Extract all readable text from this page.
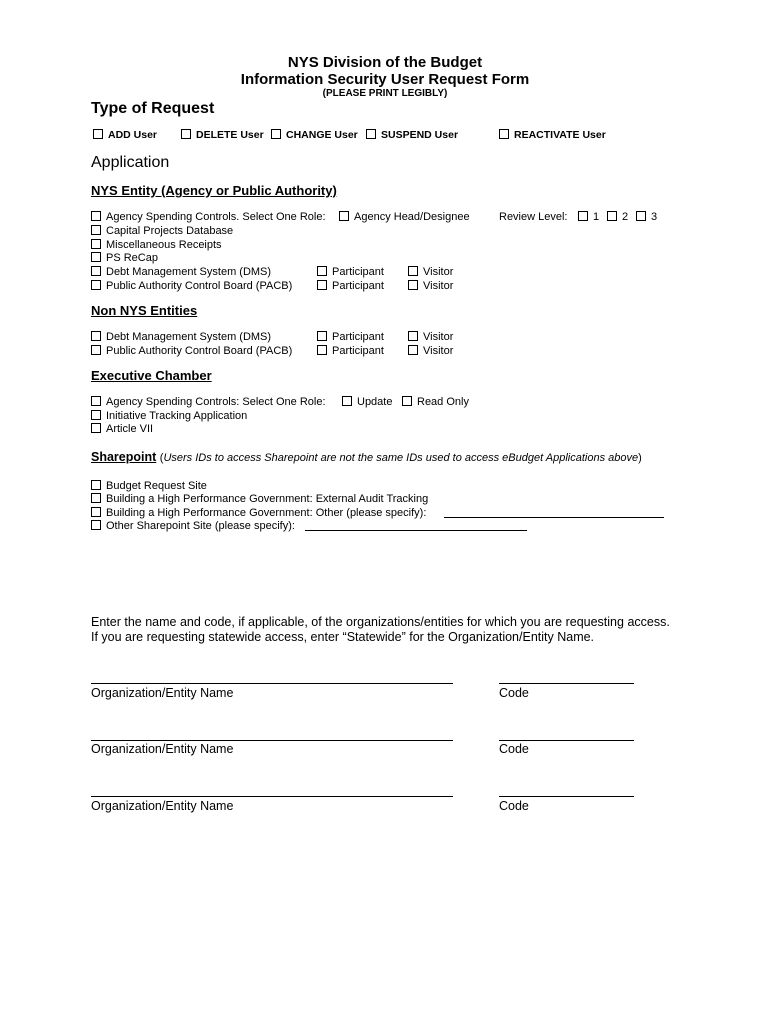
NYS Division of the Budget
Information Security User Request Form
(PLEASE PRINT LEGIBLY)
Type of Request
ADD User	DELETE User	CHANGE User	SUSPEND User	REACTIVATE User
Application
NYS Entity (Agency or Public Authority)
Agency Spending Controls. Select One Role:	Agency Head/Designee	Review Level:	1	2	3
Capital Projects Database
Miscellaneous Receipts
PS ReCap
Debt Management System (DMS)	Participant	Visitor
Public Authority Control Board (PACB)	Participant	Visitor
Non NYS Entities
Debt Management System (DMS)	Participant	Visitor
Public Authority Control Board (PACB)	Participant	Visitor
Executive Chamber
Agency Spending Controls: Select One Role:	Update	Read Only
Initiative Tracking Application
Article VII
Sharepoint (Users IDs to access Sharepoint are not the same IDs used to access eBudget Applications above)
Budget Request Site
Building a High Performance Government: External Audit Tracking
Building a High Performance Government: Other (please specify):
Other Sharepoint Site (please specify):
Enter the name and code, if applicable, of the organizations/entities for which you are requesting access.
If you are requesting statewide access, enter “Statewide” for the Organization/Entity Name.
Organization/Entity Name	Code
Organization/Entity Name	Code
Organization/Entity Name	Code
